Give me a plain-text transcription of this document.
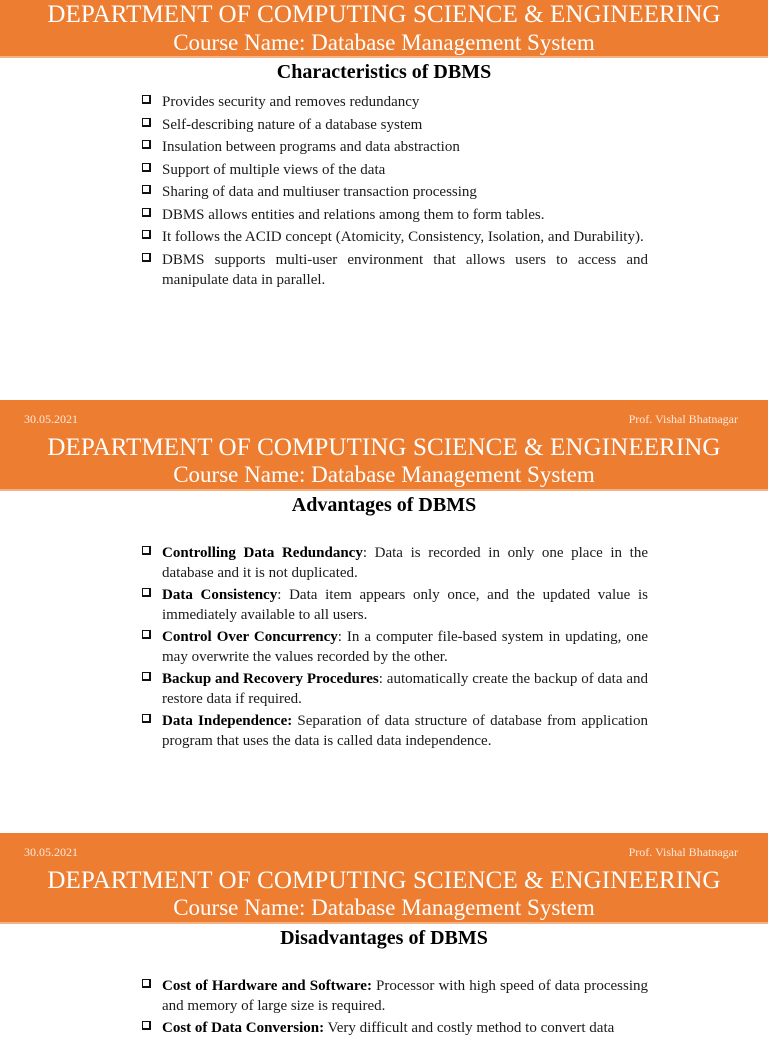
DEPARTMENT OF COMPUTING SCIENCE & ENGINEERING
Course Name: Database Management System
Characteristics of DBMS
Provides security and removes redundancy
Self-describing nature of a database system
Insulation between programs and data abstraction
Support of multiple views of the data
Sharing of data and multiuser transaction processing
DBMS allows entities and relations among them to form tables.
It follows the ACID concept (Atomicity, Consistency, Isolation, and Durability).
DBMS supports multi-user environment that allows users to access and manipulate data in parallel.
30.05.2021	Prof. Vishal Bhatnagar
DEPARTMENT OF COMPUTING SCIENCE & ENGINEERING
Course Name: Database Management System
Advantages of DBMS
Controlling Data Redundancy: Data is recorded in only one place in the database and it is not duplicated.
Data Consistency: Data item appears only once, and the updated value is immediately available to all users.
Control Over Concurrency: In a computer file-based system in updating, one may overwrite the values recorded by the other.
Backup and Recovery Procedures: automatically create the backup of data and restore data if required.
Data Independence: Separation of data structure of database from application program that uses the data is called data independence.
30.05.2021	Prof. Vishal Bhatnagar
DEPARTMENT OF COMPUTING SCIENCE & ENGINEERING
Course Name: Database Management System
Disadvantages of DBMS
Cost of Hardware and Software: Processor with high speed of data processing and memory of large size is required.
Cost of Data Conversion: Very difficult and costly method to convert data
